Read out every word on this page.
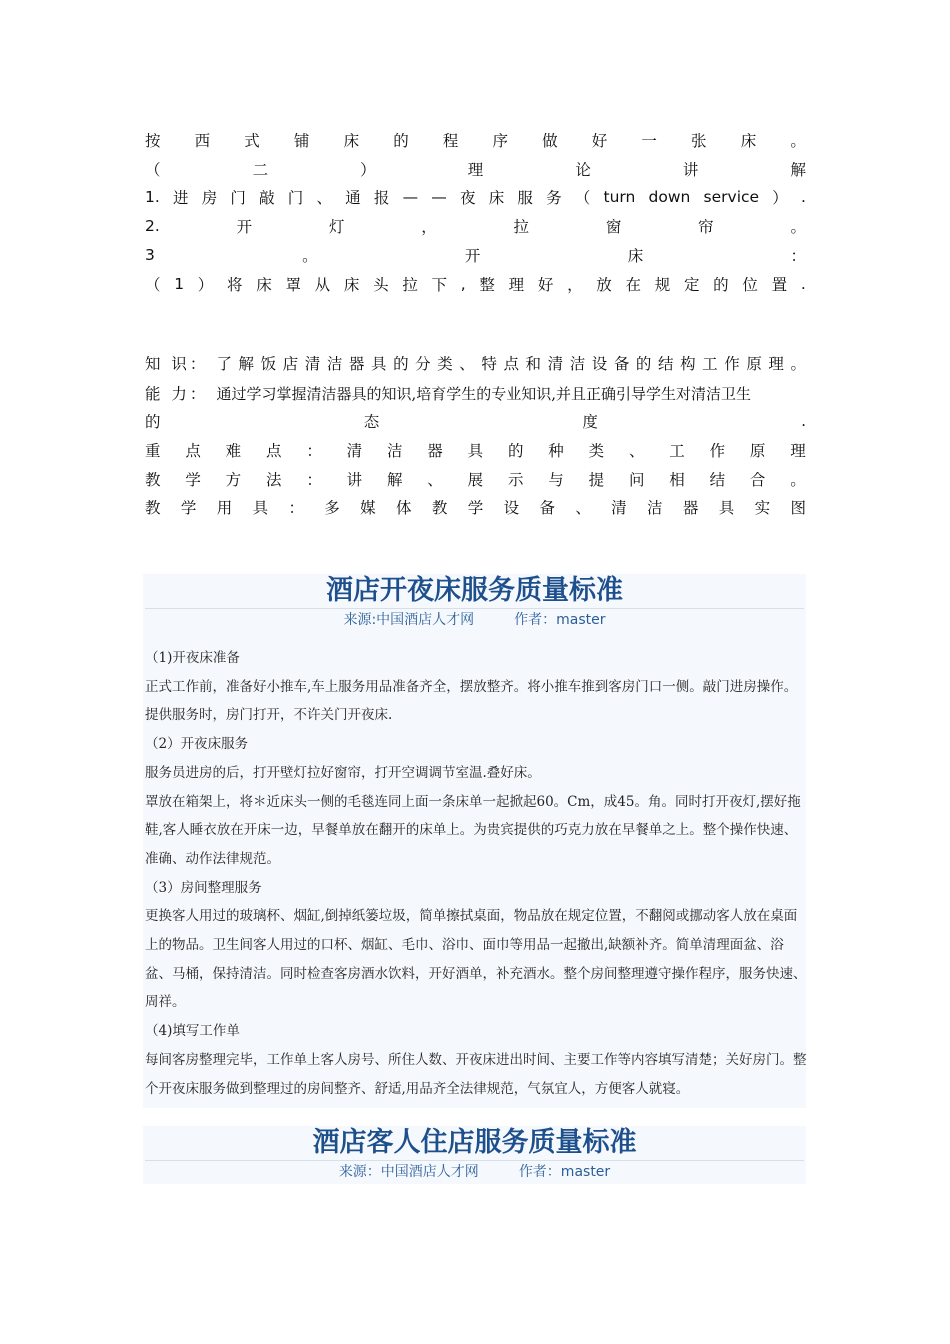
按 西 式 铺 床 的 程 序 做 好 一 张 床 。
（	二	）	理	论	讲	解
1. 进 房 门 敲 门 、 通 报 — — 夜 床 服 务 （ turn down service ） .
2.	开	灯	，	拉	窗	帘	。
3	。	开	床	：
（ 1 ） 将 床 罩 从 床 头 拉 下 , 整 理 好 ， 放 在 规 定 的 位 置 .
知 识： 了 解 饭 店 清 洁 器 具 的 分 类 、 特 点 和 清 洁 设 备 的 结 构 工 作 原 理 。
能 力： 通过学习掌握清洁器具的知识,培育学生的专业知识,并且正确引导学生对清洁卫生
的	态	度	.
重 点 难 点 ： 清 洁 器 具 的 种 类 、 工 作 原 理
教 学 方 法 ： 讲 解 、 展 示 与 提 问 相 结 合 。
教 学 用 具 ： 多 媒 体 教 学 设 备 、 清 洁 器 具 实 图
酒店开夜床服务质量标准
来源:中国酒店人才网	作者：master
（1)开夜床准备
正式工作前，准备好小推车,车上服务用品准备齐全，摆放整齐。将小推车推到客房门口一侧。敲门进房操作。提供服务时，房门打开，不许关门开夜床.
（2）开夜床服务
服务员进房的后，打开壁灯拉好窗帘，打开空调调节室温.叠好床。
罩放在箱架上，将＊近床头一侧的毛毯连同上面一条床单一起掀起60。Cm，成45。角。同时打开夜灯,摆好拖鞋,客人睡衣放在开床一边，早餐单放在翻开的床单上。为贵宾提供的巧克力放在早餐单之上。整个操作快速、准确、动作法律规范。
（3）房间整理服务
更换客人用过的玻璃杯、烟缸,倒掉纸篓垃圾，简单擦拭桌面，物品放在规定位置，不翻阅或挪动客人放在桌面上的物品。卫生间客人用过的口杯、烟缸、毛巾、浴巾、面巾等用品一起撤出,缺额补齐。简单清理面盆、浴盆、马桶，保持清洁。同时检查客房酒水饮料，开好酒单，补充酒水。整个房间整理遵守操作程序，服务快速、周祥。
（4)填写工作单
每间客房整理完毕，工作单上客人房号、所住人数、开夜床进出时间、主要工作等内容填写清楚；关好房门。整个开夜床服务做到整理过的房间整齐、舒适,用品齐全法律规范，气氛宜人，方便客人就寝。
酒店客人住店服务质量标准
来源：中国酒店人才网	作者：master
